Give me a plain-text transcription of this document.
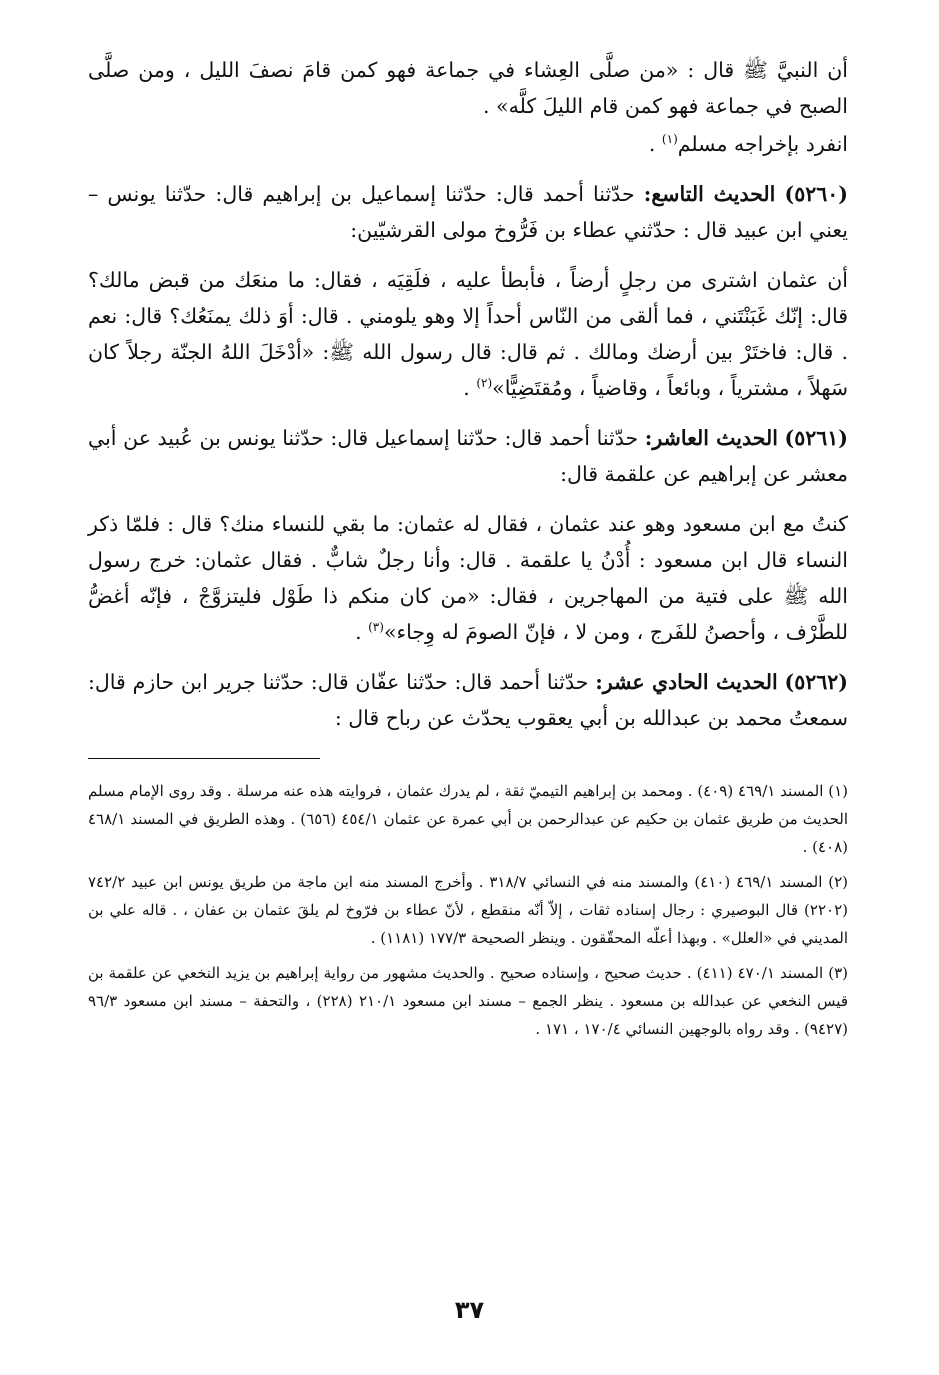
أن النبيَّ ﷺ قال : «من صلَّى العِشاء في جماعة فهو كمن قامَ نصفَ الليل ، ومن صلَّى الصبح في جماعة فهو كمن قام الليلَ كلَّه» .

انفرد بإخراجه مسلم$^{(١)}$ .

(٥٢٦٠) الحديث التاسع: حدّثنا أحمد قال: حدّثنا إسماعيل بن إبراهيم قال: حدّثنا يونس – يعني ابن عبيد قال : حدّثني عطاء بن فَرُّوخ مولى القرشيّين:

أن عثمان اشترى من رجلٍ أرضاً ، فأبطأ عليه ، فلَقِيَه ، فقال: ما منعَك من قبض مالك؟ قال: إنّك غَبَنْتَني ، فما ألقى من النّاس أحداً إلا وهو يلومني . قال: أوَ ذلك يمنَعُك؟ قال: نعم . قال: فاختَرْ بين أرضك ومالك . ثم قال: قال رسول الله ﷺ: «أدْخَلَ اللهُ الجنّة رجلاً كان سَهلاً ، مشترياً ، وبائعاً ، وقاضياً ، ومُقتَضِيًّا»$^{(٢)}$ .

(٥٢٦١) الحديث العاشر: حدّثنا أحمد قال: حدّثنا إسماعيل قال: حدّثنا يونس بن عُبيد عن أبي معشر عن إبراهيم عن علقمة قال:

كنتُ مع ابن مسعود وهو عند عثمان ، فقال له عثمان: ما بقي للنساء منك؟ قال : فلمّا ذكر النساء قال ابن مسعود : أُدْنُ يا علقمة . قال: وأنا رجلٌ شابٌّ . فقال عثمان: خرج رسول الله ﷺ على فتية من المهاجرين ، فقال: «من كان منكم ذا طَوْل فليتزوَّجْ ، فإنّه أغضُّ للطَّرْف ، وأحصنُ للفَرج ، ومن لا ، فإنّ الصومَ له وِجاء»$^{(٣)}$ .

(٥٢٦٢) الحديث الحادي عشر: حدّثنا أحمد قال: حدّثنا عفّان قال: حدّثنا جرير ابن حازم قال: سمعتُ محمد بن عبدالله بن أبي يعقوب يحدّث عن رباح قال :

(١) المسند ٤٦٩/١ (٤٠٩) . ومحمد بن إبراهيم التيميّ ثقة ، لم يدرك عثمان ، فروايته هذه عنه مرسلة . وقد روى الإمام مسلم الحديث من طريق عثمان بن حكيم عن عبدالرحمن بن أبي عمرة عن عثمان ٤٥٤/١ (٦٥٦) . وهذه الطريق في المسند ٤٦٨/١ (٤٠٨) .

(٢) المسند ٤٦٩/١ (٤١٠) والمسند منه في النسائي ٣١٨/٧ . وأخرج المسند منه ابن ماجة من طريق يونس ابن عبيد ٧٤٢/٢ (٢٢٠٢) قال البوصيري : رجال إسناده ثقات ، إلاّ أنّه منقطع ، لأنّ عطاء بن فرّوخ لم يلقَ عثمان بن عفان ، . قاله علي بن المديني في «العلل» . وبهذا أعلّه المحقّقون . وينظر الصحيحة ١٧٧/٣ (١١٨١) .

(٣) المسند ٤٧٠/١ (٤١١) . حديث صحيح ، وإسناده صحيح . والحديث مشهور من رواية إبراهيم بن يزيد النخعي عن علقمة بن قيس النخعي عن عبدالله بن مسعود . ينظر الجمع – مسند ابن مسعود ٢١٠/١ (٢٢٨) ، والتحفة – مسند ابن مسعود ٩٦/٣ (٩٤٢٧) . وقد رواه بالوجهين النسائي ١٧٠/٤ ، ١٧١ .

٣٧
